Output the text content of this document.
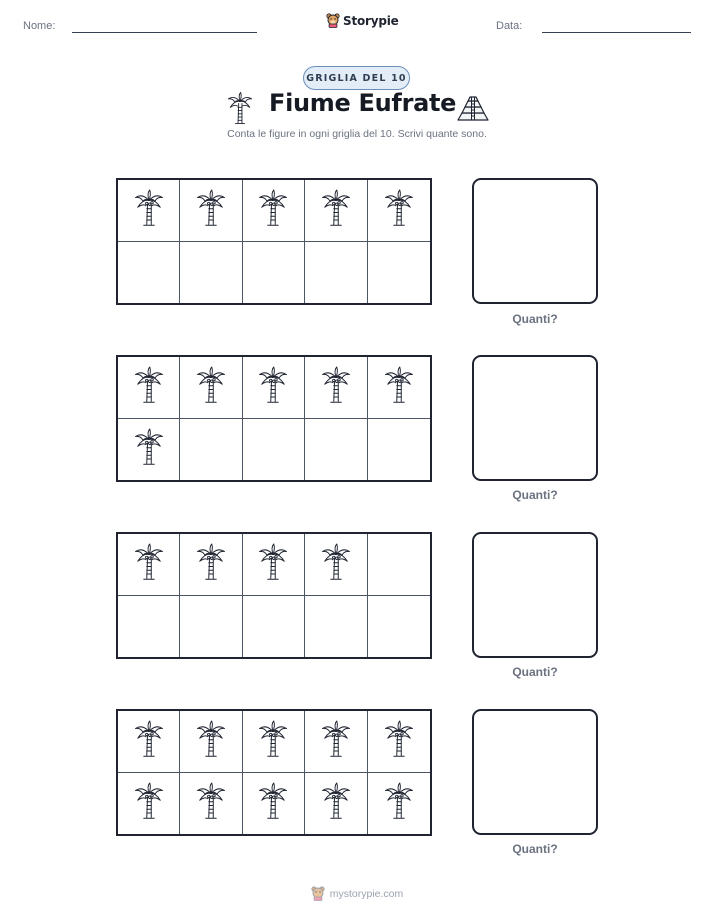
Nome:	Storypie	Data:
GRIGLIA DEL 10
Fiume Eufrate
Conta le figure in ogni griglia del 10. Scrivi quante sono.
Quanti?
Quanti?
Quanti?
Quanti?
mystorypie.com
